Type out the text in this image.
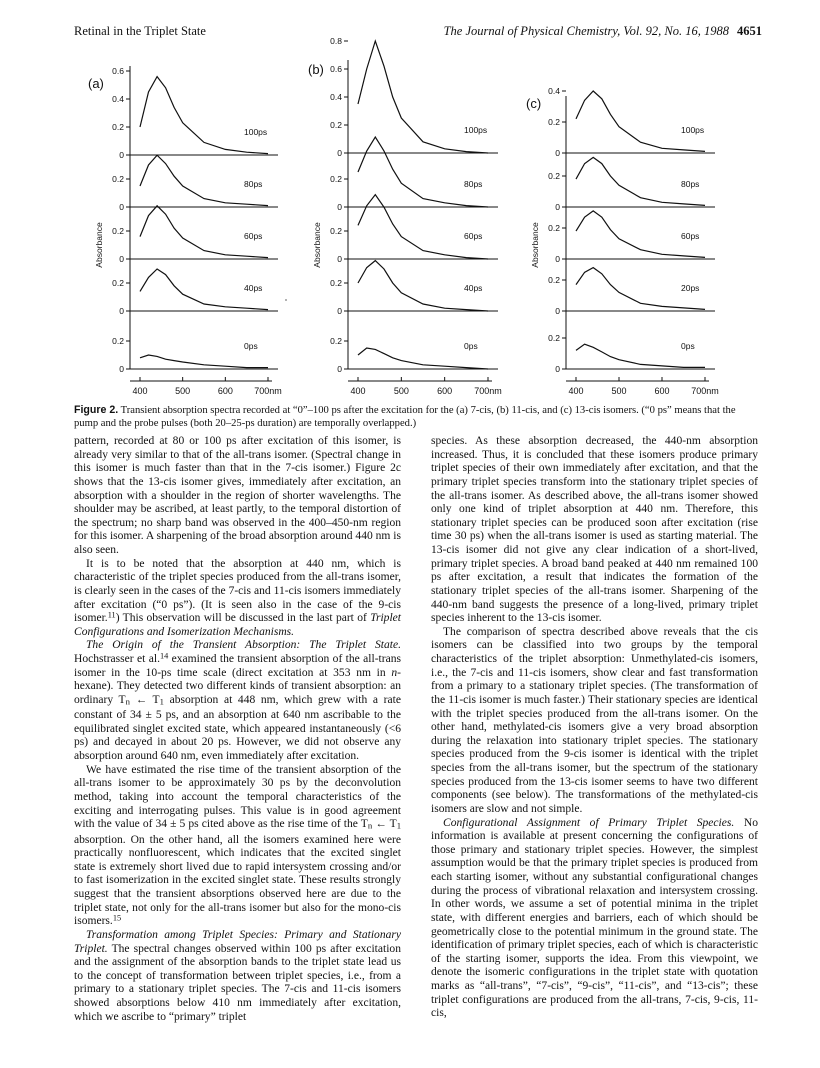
Retinal in the Triplet State	The Journal of Physical Chemistry, Vol. 92, No. 16, 1988 4651
(a)
100ps
80ps
60ps
40ps
0ps
0.6
0.4
0.2
0
0.2
0
0.2
0
0.2
0
0.2
0
Absorbance
400	500	600 700nm
(b)
100ps
80ps
60ps
40ps
0ps
0.8
0.6
0.4
0.2
0
0.2
0
0.2
0
0.2
0
0.2
0
Absorbance
400	500	600 700nm
(c)
100ps
80ps
60ps
20ps
0ps
0.4
0.2
0
0.2
0
0.2
0
0.2
0
0.2
0
Absorbance
400	500	600 700nm
Figure 2. Transient absorption spectra recorded at “0”–100 ps after the excitation for the (a) 7-cis, (b) 11-cis, and (c) 13-cis isomers. (“0 ps” means that the pump and the probe pulses (both 20–25-ps duration) are temporally overlapped.)

pattern, recorded at 80 or 100 ps after excitation of this isomer, is already very similar to that of the all-trans isomer. (Spectral change in this isomer is much faster than that in the 7-cis isomer.) Figure 2c shows that the 13-cis isomer gives, immediately after excitation, an absorption with a shoulder in the region of shorter wavelengths. The shoulder may be ascribed, at least partly, to the temporal distortion of the spectrum; no sharp band was observed in the 400–450-nm region for this isomer. A sharpening of the broad absorption around 440 nm is also seen.

It is to be noted that the absorption at 440 nm, which is characteristic of the triplet species produced from the all-trans isomer, is clearly seen in the cases of the 7-cis and 11-cis isomers immediately after excitation (“0 ps”). (It is seen also in the case of the 9-cis isomer.$^{11}$) This observation will be discussed in the last part of Triplet Configurations and Isomerization Mechanisms.

The Origin of the Transient Absorption: The Triplet State. Hochstrasser et al.$^{14}$ examined the transient absorption of the all-trans isomer in the 10-ps time scale (direct excitation at 353 nm in n-hexane). They detected two different kinds of transient absorption: an ordinary $T_n$ ← $T_1$ absorption at 448 nm, which grew with a rate constant of 34 ± 5 ps, and an absorption at 640 nm ascribable to the equilibrated singlet excited state, which appeared instantaneously (<6 ps) and decayed in about 20 ps. However, we did not observe any absorption around 640 nm, even immediately after excitation.

We have estimated the rise time of the transient absorption of the all-trans isomer to be approximately 30 ps by the deconvolution method, taking into account the temporal characteristics of the exciting and interrogating pulses. This value is in good agreement with the value of 34 ± 5 ps cited above as the rise time of the $T_n$ ← $T_1$ absorption. On the other hand, all the isomers examined here were practically nonfluorescent, which indicates that the excited singlet state is extremely short lived due to rapid intersystem crossing and/or to fast isomerization in the excited singlet state. These results strongly suggest that the transient absorptions observed here are due to the triplet state, not only for the all-trans isomer but also for the mono-cis isomers.$^{15}$

Transformation among Triplet Species: Primary and Stationary Triplet. The spectral changes observed within 100 ps after excitation and the assignment of the absorption bands to the triplet state lead us to the concept of transformation between triplet species, i.e., from a primary to a stationary triplet species. The 7-cis and 11-cis isomers showed absorptions below 410 nm immediately after excitation, which we ascribe to “primary” triplet

species. As these absorption decreased, the 440-nm absorption increased. Thus, it is concluded that these isomers produce primary triplet species of their own immediately after excitation, and that the primary triplet species transform into the stationary triplet species of the all-trans isomer. As described above, the all-trans isomer showed only one kind of triplet absorption at 440 nm. Therefore, this stationary triplet species can be produced soon after excitation (rise time 30 ps) when the all-trans isomer is used as starting material. The 13-cis isomer did not give any clear indication of a short-lived, primary triplet species. A broad band peaked at 440 nm remained 100 ps after excitation, a result that indicates the formation of the stationary triplet species of the all-trans isomer. Sharpening of the 440-nm band suggests the presence of a long-lived, primary triplet species inherent to the 13-cis isomer.

The comparison of spectra described above reveals that the cis isomers can be classified into two groups by the temporal characteristics of the triplet absorption: Unmethylated-cis isomers, i.e., the 7-cis and 11-cis isomers, show clear and fast transformation from a primary to a stationary triplet species. (The transformation of the 11-cis isomer is much faster.) Their stationary species are identical with the triplet species produced from the all-trans isomer. On the other hand, methylated-cis isomers give a very broad absorption during the relaxation into stationary triplet species. The stationary species produced from the 9-cis isomer is identical with the triplet species from the all-trans isomer, but the spectrum of the stationary species produced from the 13-cis isomer seems to have two different components (see below). The transformations of the methylated-cis isomers are slow and not simple.

Configurational Assignment of Primary Triplet Species. No information is available at present concerning the configurations of those primary and stationary triplet species. However, the simplest assumption would be that the primary triplet species is produced from each starting isomer, without any substantial configurational changes during the process of vibrational relaxation and intersystem crossing. In other words, we assume a set of potential minima in the triplet state, with different energies and barriers, each of which should be geometrically close to the potential minimum in the ground state. The identification of primary triplet species, each of which is characteristic of the starting isomer, supports the idea. From this viewpoint, we denote the isomeric configurations in the triplet state with quotation marks as “all-trans”, “7-cis”, “9-cis”, “11-cis”, and “13-cis”; these triplet configurations are produced from the all-trans, 7-cis, 9-cis, 11-cis,
